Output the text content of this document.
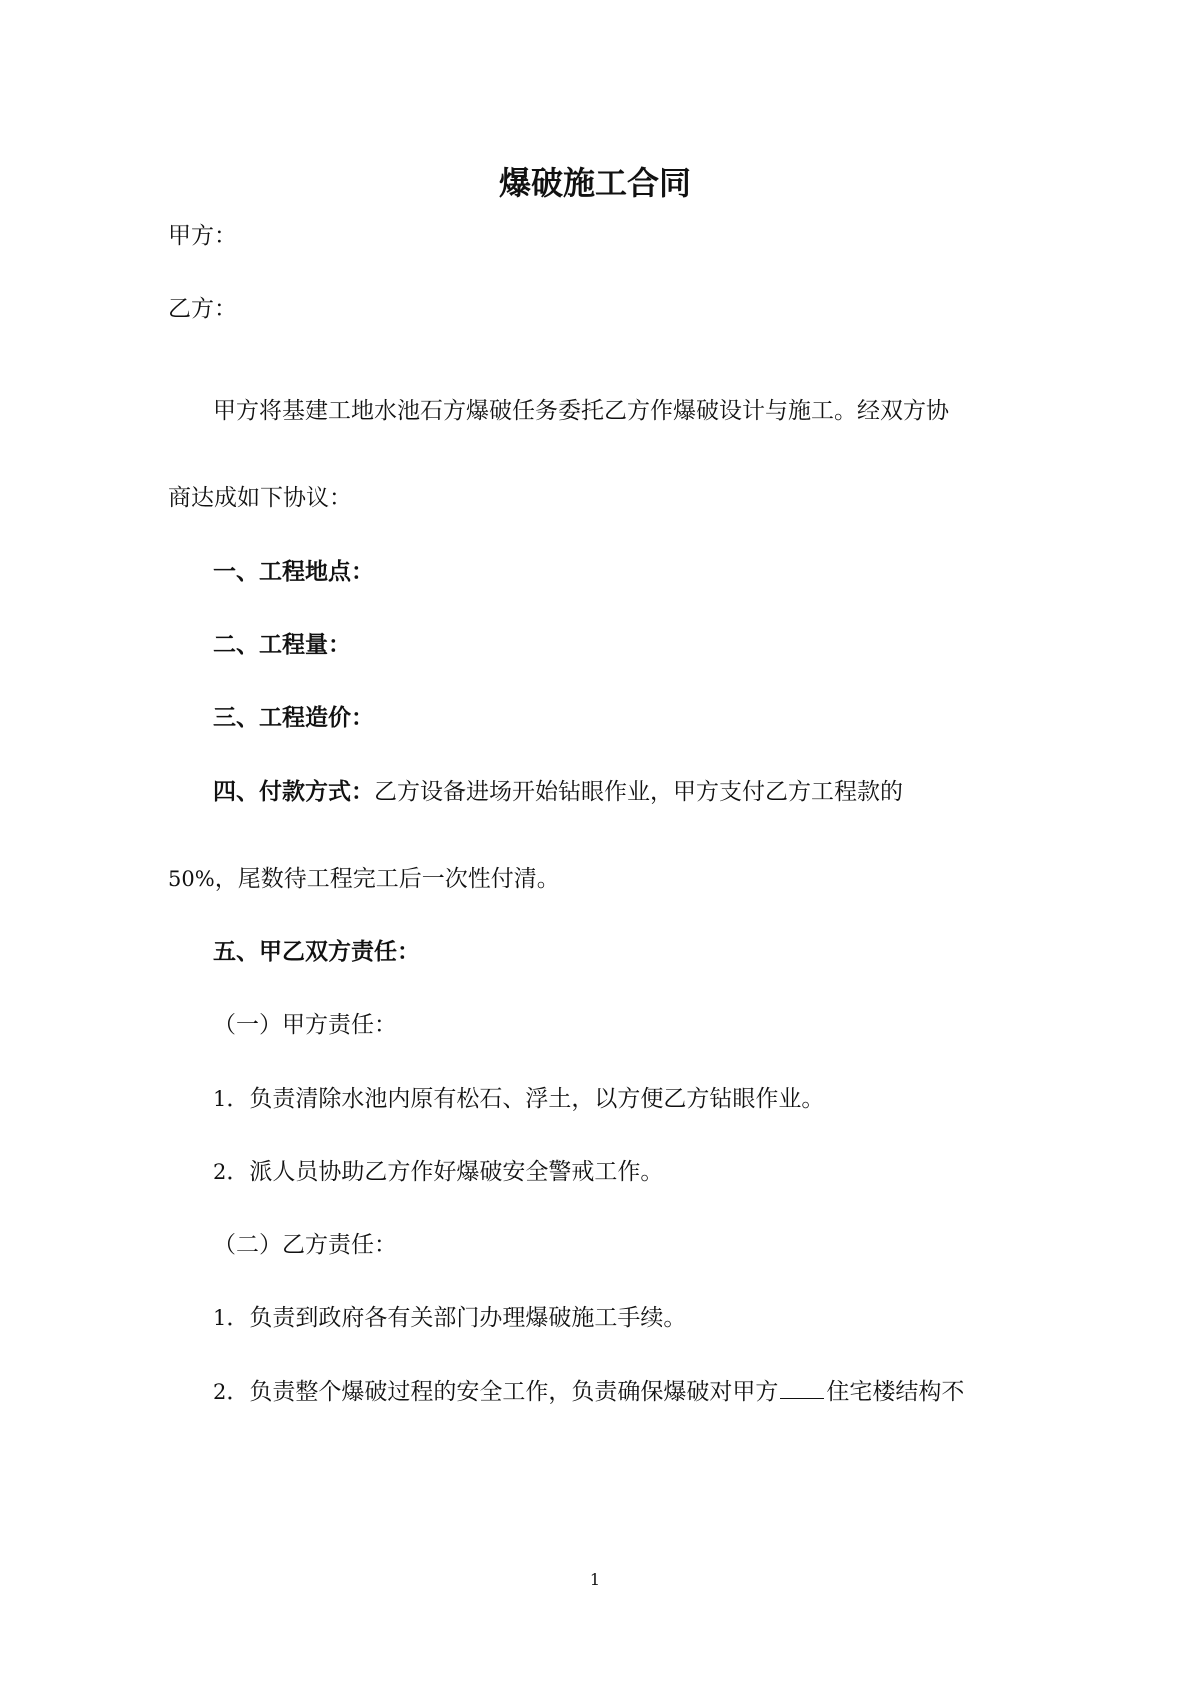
爆破施工合同
甲方：
乙方：
甲方将基建工地水池石方爆破任务委托乙方作爆破设计与施工。经双方协
商达成如下协议：
一、工程地点：
二、工程量：
三、工程造价：
四、付款方式：乙方设备进场开始钻眼作业，甲方支付乙方工程款的
50%，尾数待工程完工后一次性付清。
五、甲乙双方责任：
（一）甲方责任：
1．负责清除水池内原有松石、浮土，以方便乙方钻眼作业。
2．派人员协助乙方作好爆破安全警戒工作。
（二）乙方责任：
1．负责到政府各有关部门办理爆破施工手续。
2．负责整个爆破过程的安全工作，负责确保爆破对甲方 住宅楼结构不
1
